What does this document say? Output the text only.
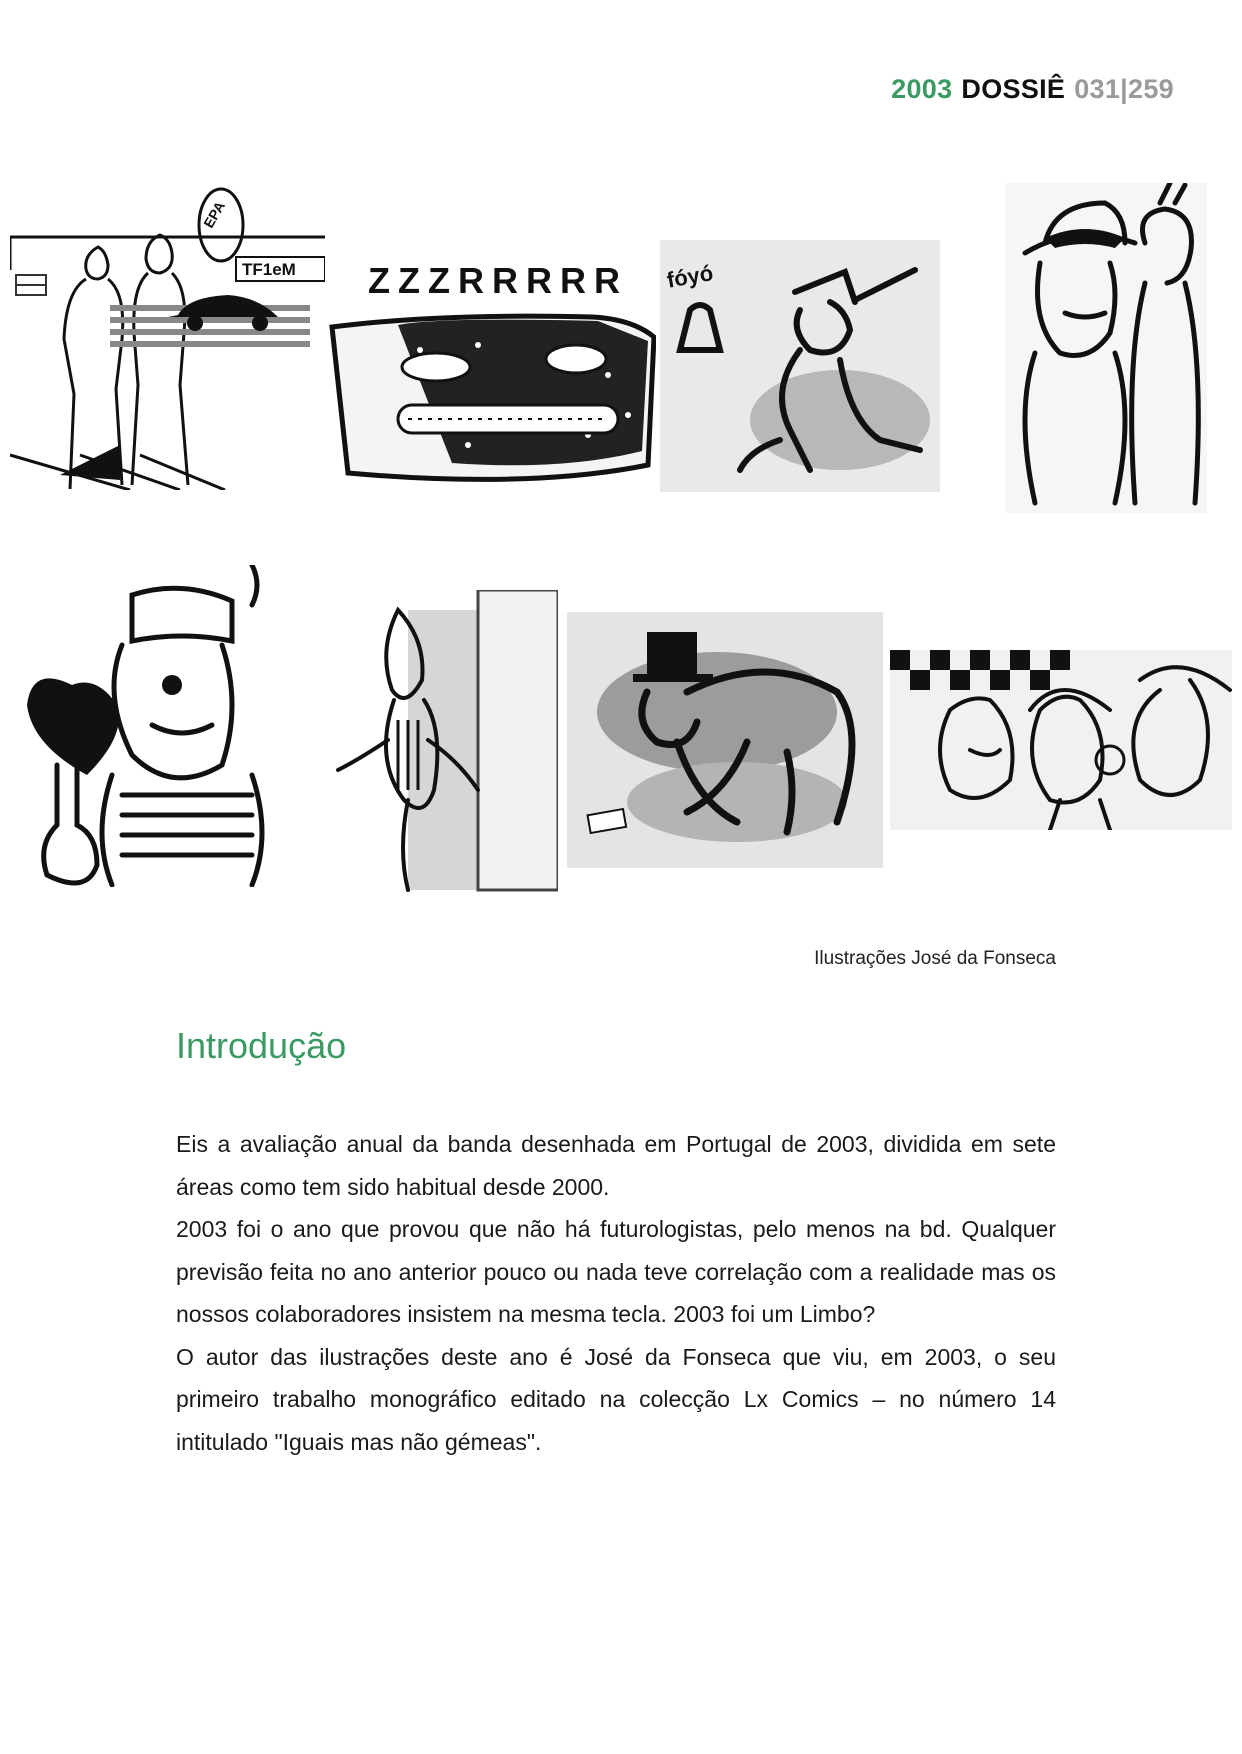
2003 DOSSIÊ 031|259
TF1eM
EPA
ZZZRRRRR fóyó
Ilustrações José da Fonseca
Introdução

Eis a avaliação anual da banda desenhada em Portugal de 2003, dividida em sete áreas como tem sido habitual desde 2000.

2003 foi o ano que provou que não há futurologistas, pelo menos na bd. Qualquer previsão feita no ano anterior pouco ou nada teve correlação com a realidade mas os nossos colaboradores insistem na mesma tecla. 2003 foi um Limbo?

O autor das ilustrações deste ano é José da Fonseca que viu, em 2003, o seu primeiro trabalho monográfico editado na colecção Lx Comics – no número 14 intitulado "Iguais mas não gémeas".
